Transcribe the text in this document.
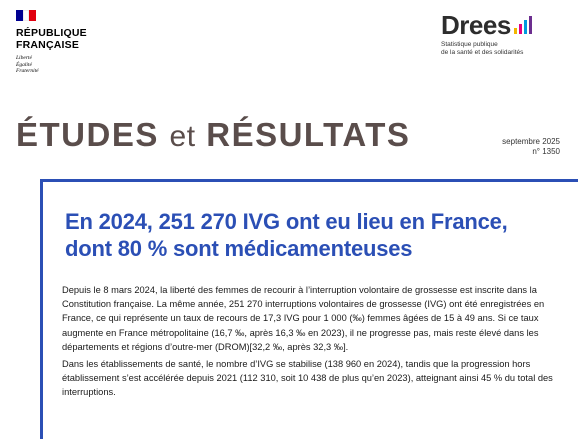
RÉPUBLIQUE
FRANÇAISE
Liberté
Égalité
Fraternité
Drees
Statistique publique
de la santé et des solidarités
ÉTUDES et RÉSULTATS	septembre 2025
n° 1350
En 2024, 251 270 IVG ont eu lieu en France,
dont 80 % sont médicamenteuses

Depuis le 8 mars 2024, la liberté des femmes de recourir à l’interruption volontaire de grossesse est inscrite dans la Constitution française. La même année, 251 270 interruptions volontaires de grossesse (IVG) ont été enregistrées en France, ce qui représente un taux de recours de 17,3 IVG pour 1 000 (‰) femmes âgées de 15 à 49 ans. Si ce taux augmente en France métropolitaine (16,7 ‰, après 16,3 ‰ en 2023), il ne progresse pas, mais reste élevé dans les départements et régions d’outre-mer (DROM)[32,2 ‰, après 32,3 ‰].

Dans les établissements de santé, le nombre d’IVG se stabilise (138 960 en 2024), tandis que la progression hors établissement s’est accélérée depuis 2021 (112 310, soit 10 438 de plus qu’en 2023), atteignant ainsi 45 % du total des interruptions.
